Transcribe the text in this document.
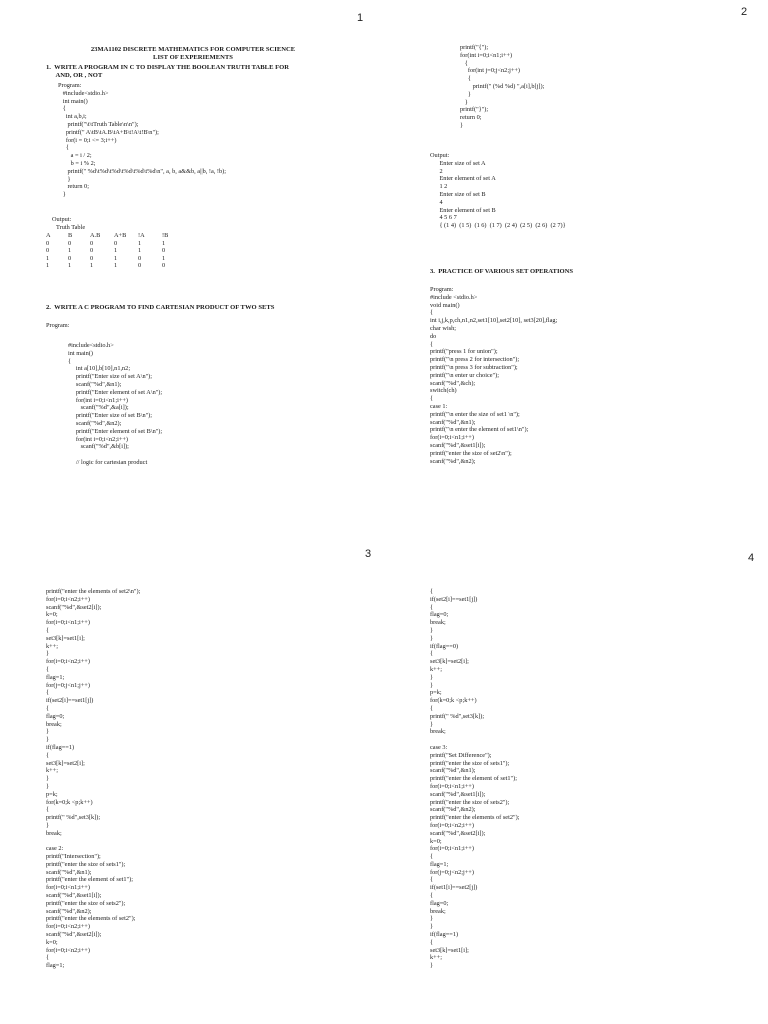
1	2
3	4
23MA1102 DISCRETE MATHEMATICS FOR COMPUTER SCIENCE
LIST OF EXPERIEMENTS
1.  WRITE A PROGRAM IN C TO DISPLAY THE BOOLEAN TRUTH TABLE FOR
AND, OR , NOT
Program:
#include<stdio.h>
int main()
{
int a,b,i;
printf("\t\tTruth Table\n\n");
printf(" A\tB\tA.B\tA+B\t!A\t!B\n");
for(i = 0;i <= 3;i++)
{
a = i / 2;
b = i % 2;
printf(" %d\t%d\t%d\t%d\t%d\t%d\n", a, b, a&&b, a||b, !a, !b);
}
return 0;
}
Output:
Truth Table
A	B	A.B	A+B	!A	!B
0	0	0	0	1	1
0	1	0	1	1	0
1	0	0	1	0	1
1	1	1	1	0	0
2.  WRITE A C PROGRAM TO FIND CARTESIAN PRODUCT OF TWO SETS
Program:
#include<stdio.h>
int main()
{
int a[10],b[10],n1,n2;
printf("Enter size of set A\n");
scanf("%d",&n1);
printf("Enter element of set A\n");
for(int i=0;i<n1;i++)
scanf("%d",&a[i]);
printf("Enter size of set B\n");
scanf("%d",&n2);
printf("Enter element of set B\n");
for(int i=0;i<n2;i++)
scanf("%d",&b[i]);

// logic for cartesian product
printf("{");
for(int i=0;i<n1;i++)
{
for(int j=0;j<n2;j++)
{
printf(" (%d %d) ",a[i],b[j]);
}
}
printf("}");
return 0;
}
Output:
Enter size of set A
2
Enter element of set A
1 2
Enter size of set B
4
Enter element of set B
4 5 6 7
{ (1 4)  (1 5)  (1 6)  (1 7)  (2 4)  (2 5)  (2 6)  (2 7)}
3.  PRACTICE OF VARIOUS SET OPERATIONS
Program:
#include <stdio.h>
void main()
{
int i,j,k,p,ch,n1,n2,set1[10],set2[10], set3[20],flag;
char wish;
do
{
printf("press 1 for union");
printf("\n press 2 for intersection");
printf("\n press 3 for subtraction");
printf("\n enter ur choice");
scanf("%d",&ch);
switch(ch)
{
case 1:
printf("\n enter the size of set1 \n");
scanf("%d",&n1);
printf("\n enter the element of set1\n");
for(i=0;i<n1;i++)
scanf("%d",&set1[i]);
printf("enter the size of set2\n");
scanf("%d",&n2);
printf("enter the elements of set2\n");
for(i=0;i<n2;i++)
scanf("%d",&set2[i]);
k=0;
for(i=0;i<n1;i++)
{
set3[k]=set1[i];
k++;
}
for(i=0;i<n2;i++)
{
flag=1;
for(j=0;j<n1;j++)
{
if(set2[i]==set1[j])
{
flag=0;
break;
}
}
if(flag==1)
{
set3[k]=set2[i];
k++;
}
}
p=k;
for(k=0;k <p;k++)
{
printf(" %d",set3[k]);
}
break;

case 2:
printf("Intersection");
printf("enter the size of sets1");
scanf("%d",&n1);
printf("enter the element of set1");
for(i=0;i<n1;i++)
scanf("%d",&set1[i]);
printf("enter the size of sets2");
scanf("%d",&n2);
printf("enter the elements of set2");
for(i=0;i<n2;i++)
scanf("%d",&set2[i]);
k=0;
for(i=0;i<n2;i++)
{
flag=1;
{
if(set2[i]==set1[j])
{
flag=0;
break;
}
}
if(flag==0)
{
set3[k]=set2[i];
k++;
}
}
p=k;
for(k=0;k <p;k++)
{
printf(" %d",set3[k]);
}
break;

case 3:
printf("Set Difference");
printf("enter the size of sets1");
scanf("%d",&n1);
printf("enter the element of set1");
for(i=0;i<n1;i++)
scanf("%d",&set1[i]);
printf("enter the size of sets2");
scanf("%d",&n2);
printf("enter the elements of set2");
for(i=0;i<n2;i++)
scanf("%d",&set2[i]);
k=0;
for(i=0;i<n1;i++)
{
flag=1;
for(j=0;j<n2;j++)
{
if(set1[i]==set2[j])
{
flag=0;
break;
}
}
if(flag==1)
{
set3[k]=set1[i];
k++;
}
